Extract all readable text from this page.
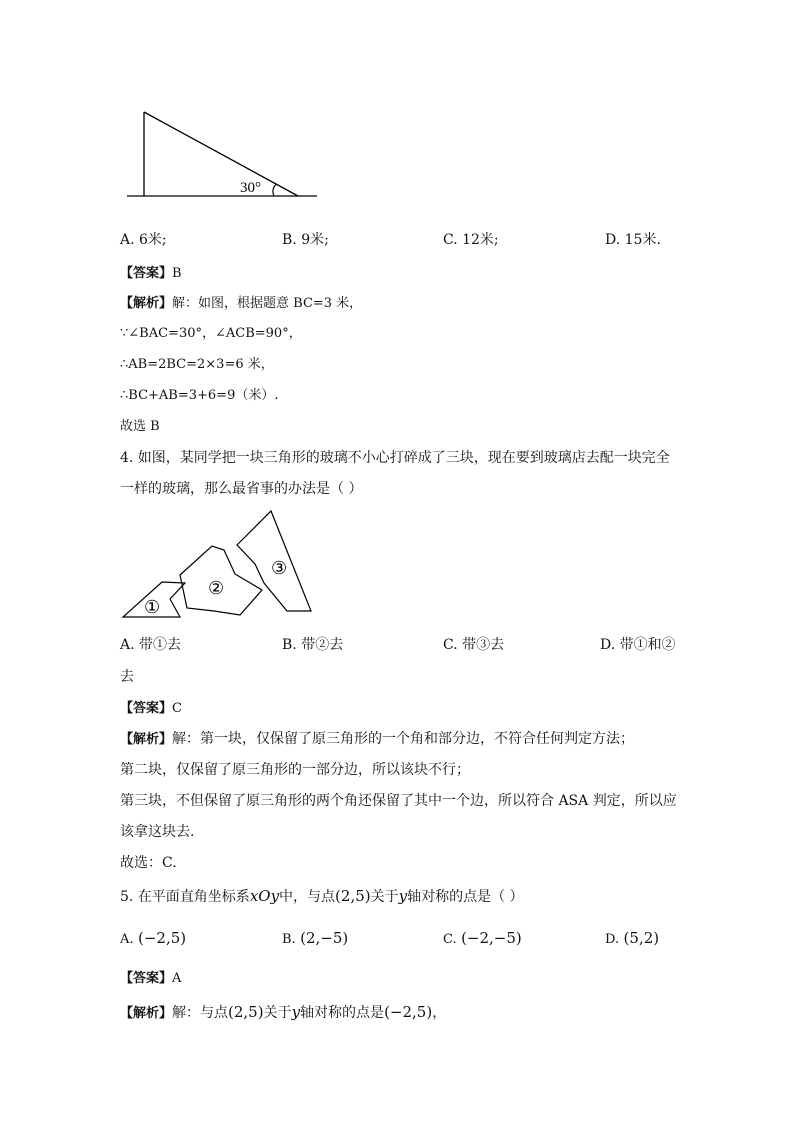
30°
A. 6米;	B. 9米;	C. 12米;	D. 15米.
【答案】B
【解析】解：如图，根据题意 BC=3 米，
∵∠BAC=30°，∠ACB=90°，
∴AB=2BC=2×3=6 米，
∴BC+AB=3+6=9（米）.
故选 B
4. 如图，某同学把一块三角形的玻璃不小心打碎成了三块，现在要到玻璃店去配一块完全
一样的玻璃，那么最省事的办法是（ ）
①
②
③
A. 带①去	B. 带②去	C. 带③去	D. 带①和②
去
【答案】C
【解析】解：第一块，仅保留了原三角形的一个角和部分边，不符合任何判定方法；
第二块，仅保留了原三角形的一部分边，所以该块不行；
第三块，不但保留了原三角形的两个角还保留了其中一个边，所以符合 ASA 判定，所以应
该拿这块去.
故选：C.
5. 在平面直角坐标系xOy中，与点(2,5)关于y轴对称的点是（ ）
A. (−2,5)	B. (2,−5)	C. (−2,−5)	D. (5,2)
【答案】A
【解析】解：与点(2,5)关于y轴对称的点是(−2,5)，
